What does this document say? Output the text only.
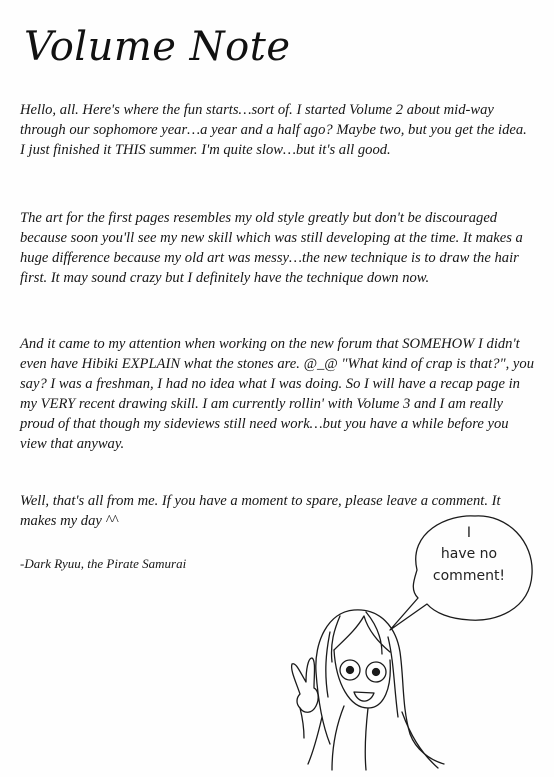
Volume Note

Hello, all. Here's where the fun starts…sort of. I started Volume 2 about mid-way through our sophomore year…a year and a half ago? Maybe two, but you get the idea. I just finished it THIS summer. I'm quite slow…but it's all good.

The art for the first pages resembles my old style greatly but don't be discouraged because soon you'll see my new skill which was still developing at the time. It makes a huge difference because my old art was messy…the new technique is to draw the hair first. It may sound crazy but I definitely have the technique down now.

And it came to my attention when working on the new forum that SOMEHOW I didn't even have Hibiki EXPLAIN what the stones are. @_@ "What kind of crap is that?", you say? I was a freshman, I had no idea what I was doing. So I will have a recap page in my VERY recent drawing skill. I am currently rollin' with Volume 3 and I am really proud of that though my sideviews still need work…but you have a while before you view that anyway.

Well, that's all from me. If you have a moment to spare, please leave a comment. It makes my day ^^

-Dark Ryuu, the Pirate Samurai

I
have no
comment!
